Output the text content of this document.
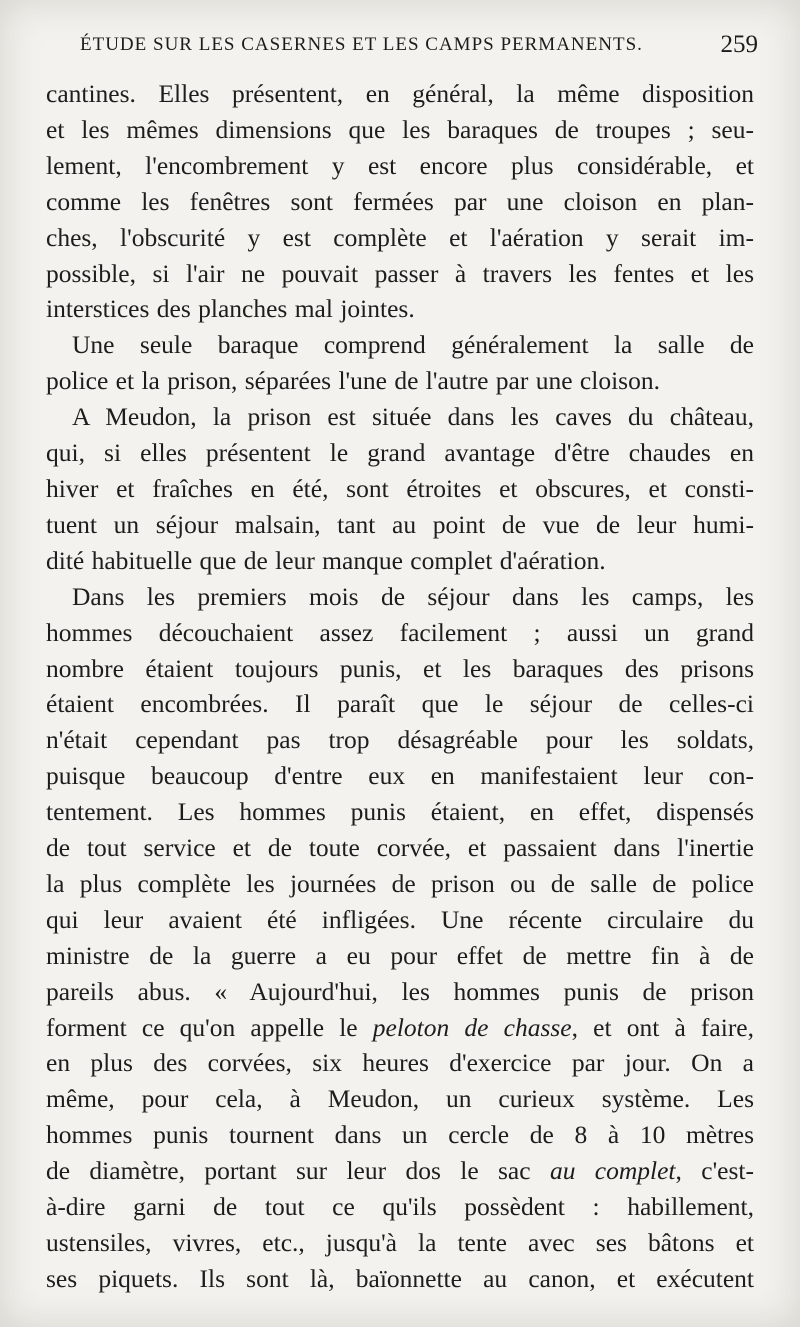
ÉTUDE SUR LES CASERNES ET LES CAMPS PERMANENTS.	259

cantines. Elles présentent, en général, la même disposition
et les mêmes dimensions que les baraques de troupes ; seu-
lement, l'encombrement y est encore plus considérable, et
comme les fenêtres sont fermées par une cloison en plan-
ches, l'obscurité y est complète et l'aération y serait im-
possible, si l'air ne pouvait passer à travers les fentes et les
interstices des planches mal jointes.

Une seule baraque comprend généralement la salle de
police et la prison, séparées l'une de l'autre par une cloison.

A Meudon, la prison est située dans les caves du château,
qui, si elles présentent le grand avantage d'être chaudes en
hiver et fraîches en été, sont étroites et obscures, et consti-
tuent un séjour malsain, tant au point de vue de leur humi-
dité habituelle que de leur manque complet d'aération.

Dans les premiers mois de séjour dans les camps, les
hommes découchaient assez facilement ; aussi un grand
nombre étaient toujours punis, et les baraques des prisons
étaient encombrées. Il paraît que le séjour de celles-ci
n'était cependant pas trop désagréable pour les soldats,
puisque beaucoup d'entre eux en manifestaient leur con-
tentement. Les hommes punis étaient, en effet, dispensés
de tout service et de toute corvée, et passaient dans l'inertie
la plus complète les journées de prison ou de salle de police
qui leur avaient été infligées. Une récente circulaire du
ministre de la guerre a eu pour effet de mettre fin à de
pareils abus. « Aujourd'hui, les hommes punis de prison
forment ce qu'on appelle le peloton de chasse, et ont à faire,
en plus des corvées, six heures d'exercice par jour. On a
même, pour cela, à Meudon, un curieux système. Les
hommes punis tournent dans un cercle de 8 à 10 mètres
de diamètre, portant sur leur dos le sac au complet, c'est-
à-dire garni de tout ce qu'ils possèdent : habillement,
ustensiles, vivres, etc., jusqu'à la tente avec ses bâtons et
ses piquets. Ils sont là, baïonnette au canon, et exécutent
